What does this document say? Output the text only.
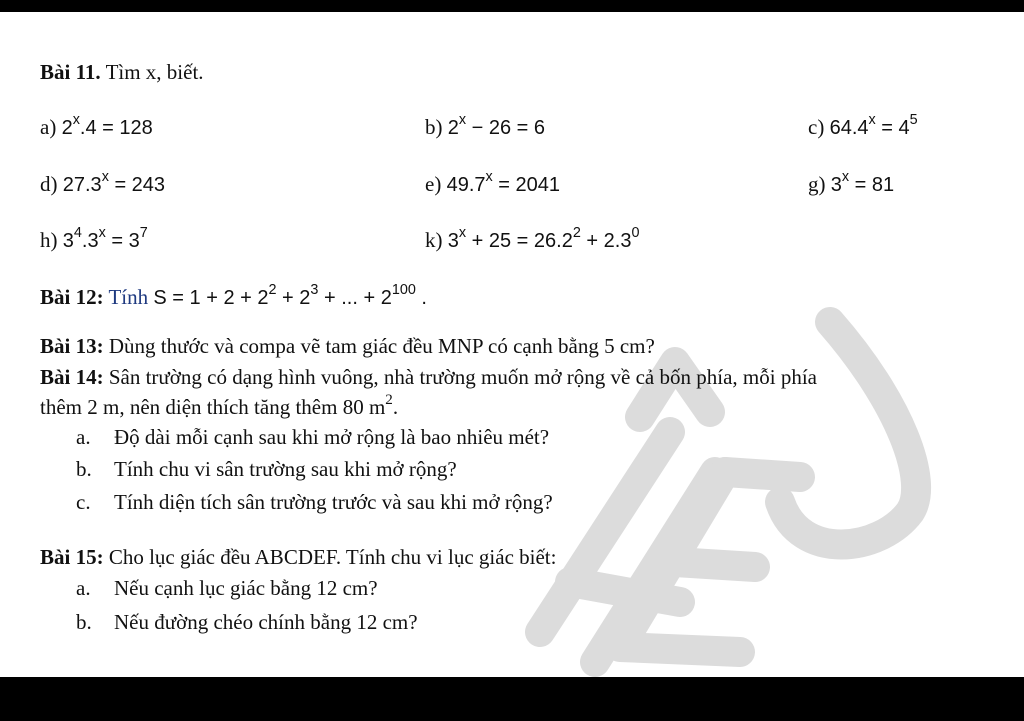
Bài 11. Tìm x, biết.
a) $2^x.4 = 128$	b) $2^x - 26 = 6$	c) $64.4^x = 4^5$
d) $27.3^x = 243$	e) $49.7^x = 2041$	g) $3^x = 81$
h) $3^4.3^x = 3^7$	k) $3^x + 25 = 26.2^2 + 2.3^0$
Bài 12: Tính $S = 1 + 2 + 2^2 + 2^3$ + ... + $2^{100}$ .
Bài 13: Dùng thước và compa vẽ tam giác đều MNP có cạnh bằng 5 cm?
Bài 14: Sân trường có dạng hình vuông, nhà trường muốn mở rộng về cả bốn phía, mỗi phía
thêm 2 m, nên diện thích tăng thêm 80 $m^2$.
a. Độ dài mỗi cạnh sau khi mở rộng là bao nhiêu mét?
b. Tính chu vi sân trường sau khi mở rộng?
c. Tính diện tích sân trường trước và sau khi mở rộng?
Bài 15: Cho lục giác đều ABCDEF. Tính chu vi lục giác biết:
a. Nếu cạnh lục giác bằng 12 cm?
b. Nếu đường chéo chính bằng 12 cm?
